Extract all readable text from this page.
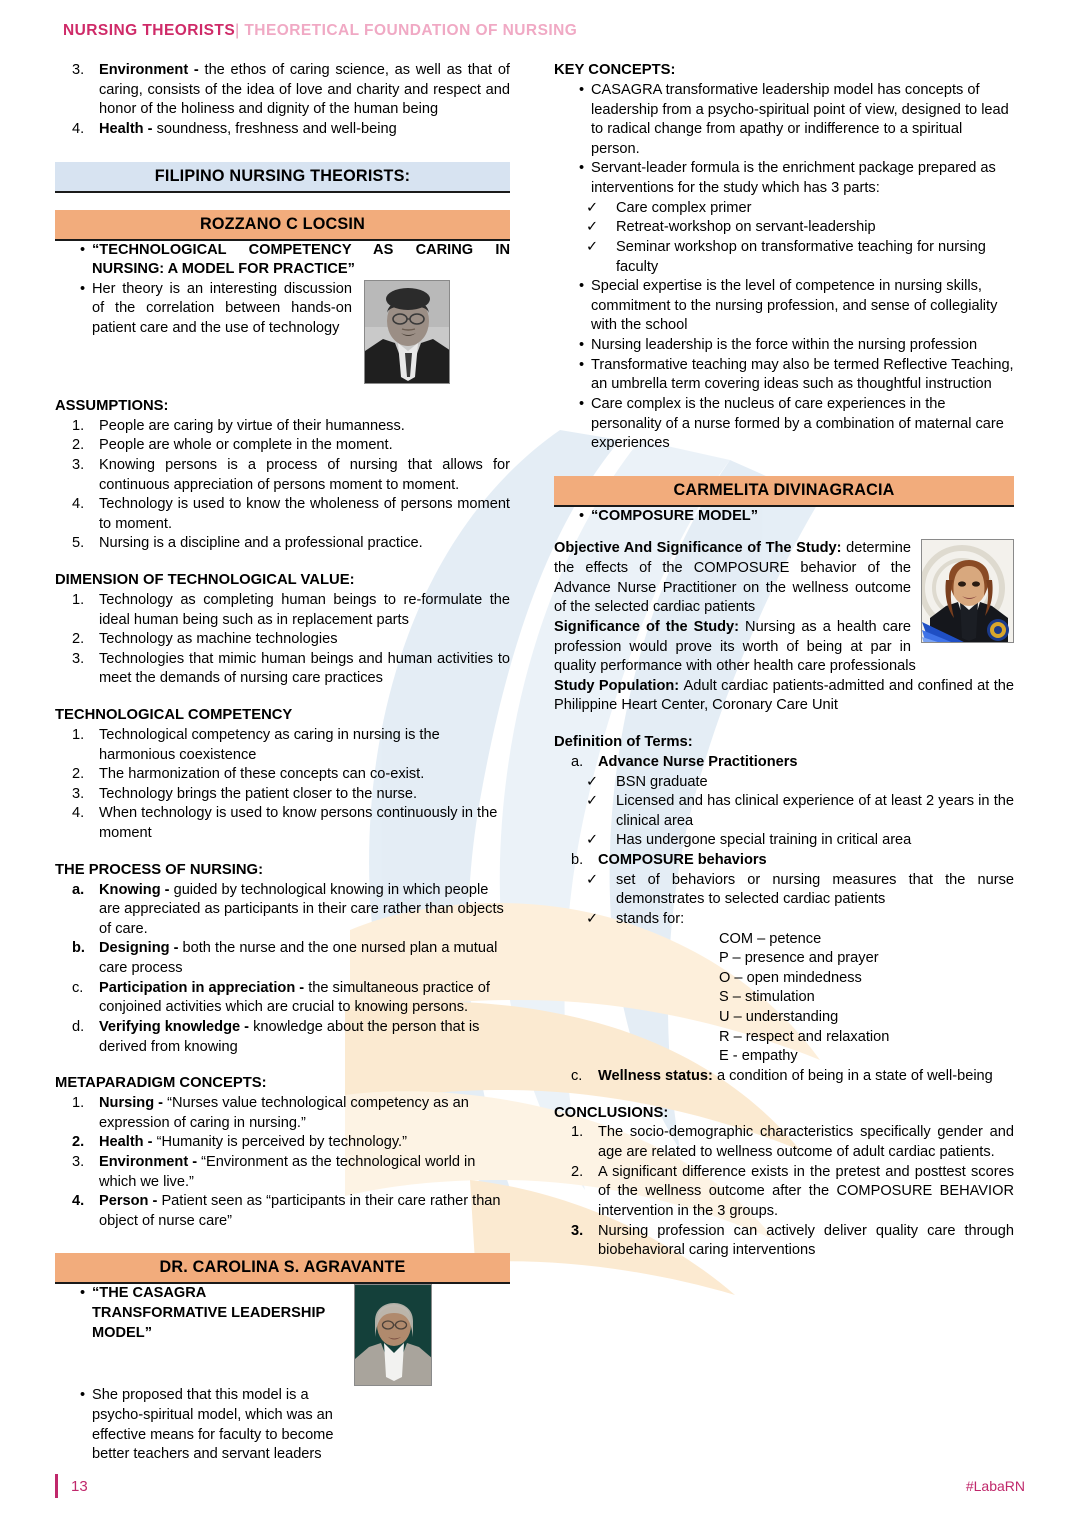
NURSING THEORISTS| THEORETICAL FOUNDATION OF NURSING
3.	Environment - the ethos of caring science, as well as that of caring, consists of the idea of love and charity and respect and honor of the holiness and dignity of the human being
4.	Health - soundness, freshness and well-being
FILIPINO NURSING THEORISTS:
ROZZANO C LOCSIN
• “TECHNOLOGICAL COMPETENCY AS CARING IN NURSING: A MODEL FOR PRACTICE”
• Her theory is an interesting discussion of the correlation between hands-on patient care and the use of technology
ASSUMPTIONS:
1.	People are caring by virtue of their humanness.
2.	People are whole or complete in the moment.
3.	Knowing persons is a process of nursing that allows for continuous appreciation of persons moment to moment.
4.	Technology is used to know the wholeness of persons moment to moment.
5.	Nursing is a discipline and a professional practice.
DIMENSION OF TECHNOLOGICAL VALUE:
1.	Technology as completing human beings to re-formulate the ideal human being such as in replacement parts
2.	Technology as machine technologies
3.	Technologies that mimic human beings and human activities to meet the demands of nursing care practices
TECHNOLOGICAL COMPETENCY
1.	Technological competency as caring in nursing is the harmonious coexistence
2.	The harmonization of these concepts can co-exist.
3.	Technology brings the patient closer to the nurse.
4.	When technology is used to know persons continuously in the moment
THE PROCESS OF NURSING:
a.	Knowing - guided by technological knowing in which people are appreciated as participants in their care rather than objects of care.
b. Designing - both the nurse and the one nursed plan a mutual care process
c.	Participation in appreciation - the simultaneous practice of conjoined activities which are crucial to knowing persons.
d.	Verifying knowledge - knowledge about the person that is derived from knowing
METAPARADIGM CONCEPTS:
1.	Nursing - “Nurses value technological competency as an expression of caring in nursing.”
2.	Health - “Humanity is perceived by technology.”
3.	Environment - “Environment as the technological world in which we live.”
4.	Person - Patient seen as “participants in their care rather than object of nurse care”
DR. CAROLINA S. AGRAVANTE
• “THE CASAGRA TRANSFORMATIVE LEADERSHIP MODEL”
• She proposed that this model is a psycho-spiritual model, which was an effective means for faculty to become better teachers and servant leaders
KEY CONCEPTS:
• CASAGRA transformative leadership model has concepts of leadership from a psycho-spiritual point of view, designed to lead to radical change from apathy or indifference to a spiritual person.
• Servant-leader formula is the enrichment package prepared as interventions for the study which has 3 parts:
✓	Care complex primer
✓	Retreat-workshop on servant-leadership
✓	Seminar workshop on transformative teaching for nursing faculty
• Special expertise is the level of competence in nursing skills, commitment to the nursing profession, and sense of collegiality with the school
• Nursing leadership is the force within the nursing profession
• Transformative teaching may also be termed Reflective Teaching, an umbrella term covering ideas such as thoughtful instruction
• Care complex is the nucleus of care experiences in the personality of a nurse formed by a combination of maternal care experiences
CARMELITA DIVINAGRACIA
• “COMPOSURE MODEL”

Objective And Significance of The Study: determine the effects of the COMPOSURE behavior of the Advance Nurse Practitioner on the wellness outcome of the selected cardiac patients

Significance of the Study: Nursing as a health care profession would prove its worth of being at par in quality performance with other health care professionals

Study Population: Adult cardiac patients-admitted and confined at the Philippine Heart Center, Coronary Care Unit

Definition of Terms:
a.	Advance Nurse Practitioners
✓	BSN graduate
✓	Licensed and has clinical experience of at least 2 years in the clinical area
✓	Has undergone special training in critical area
b.	COMPOSURE behaviors
✓	set of behaviors or nursing measures that the nurse demonstrates to selected cardiac patients
✓	stands for:
COM – petence
P – presence and prayer
O – open mindedness
S – stimulation
U – understanding
R – respect and relaxation
E - empathy
c.	Wellness status: a condition of being in a state of well-being
CONCLUSIONS:
1.	The socio-demographic characteristics specifically gender and age are related to wellness outcome of adult cardiac patients.
2.	A significant difference exists in the pretest and posttest scores of the wellness outcome after the COMPOSURE BEHAVIOR intervention in the 3 groups.
3.	Nursing profession can actively deliver quality care through biobehavioral caring interventions
13	#LabaRN
